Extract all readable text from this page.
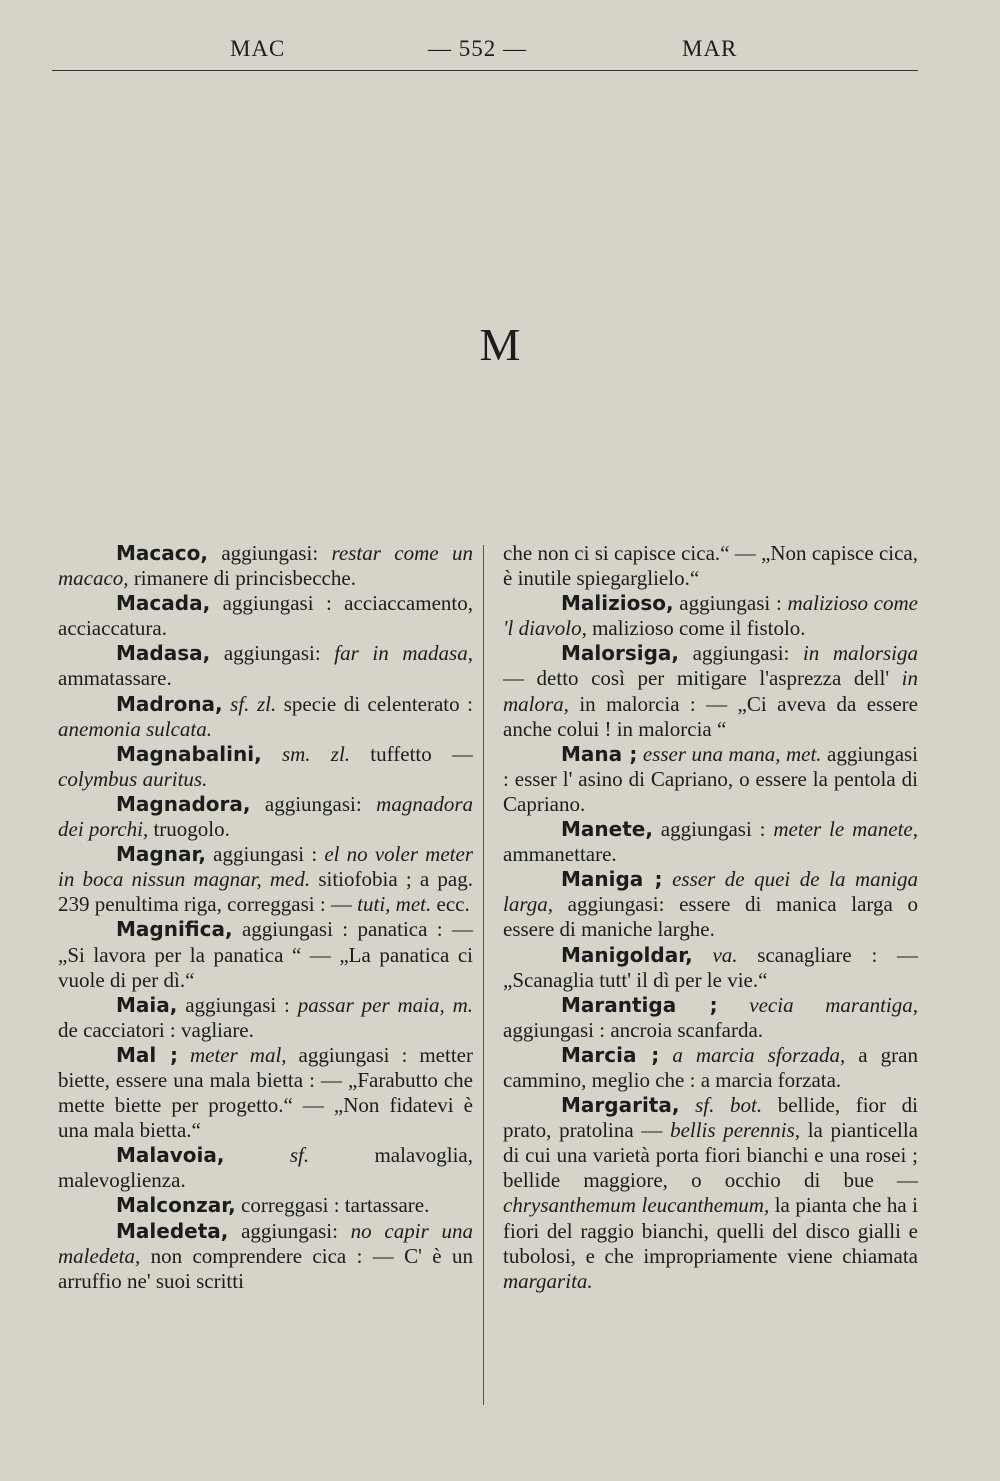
MAC	— 552 —	MAR
M

Macaco, aggiungasi: restar come un macaco, rimanere di princisbecche.

Macada, aggiungasi : acciaccamento, acciaccatura.

Madasa, aggiungasi: far in madasa, ammatassare.

Madrona, sf. zl. specie di celenterato : anemonia sulcata.

Magnabalini, sm. zl. tuffetto — colymbus auritus.

Magnadora, aggiungasi: magnadora dei porchi, truogolo.

Magnar, aggiungasi : el no voler meter in boca nissun magnar, med. sitiofobia ; a pag. 239 penultima riga, correggasi : — tuti, met. ecc.

Magnifica, aggiungasi : panatica : — „Si lavora per la panatica “ — „La panatica ci vuole di per dì.“

Maia, aggiungasi : passar per maia, m. de cacciatori : vagliare.

Mal ; meter mal, aggiungasi : metter biette, essere una mala bietta : — „Farabutto che mette biette per progetto.“ — „Non fidatevi è una mala bietta.“

Malavoia,	sf. malavoglia, malevoglienza.

Malconzar, correggasi : tartassare.

Maledeta, aggiungasi: no capir una maledeta, non comprendere cica : — C' è un arruffio ne' suoi scritti

che non ci si capisce cica.“ — „Non capisce cica, è inutile spiegarglielo.“

Malizioso, aggiungasi : malizioso come 'l diavolo, malizioso come il fistolo.

Malorsiga, aggiungasi: in malorsiga — detto così per mitigare l'asprezza dell' in malora, in malorcia : — „Ci aveva da essere anche colui ! in malorcia “

Mana ; esser una mana, met. aggiungasi : esser l' asino di Capriano, o essere la pentola di Capriano.

Manete, aggiungasi : meter le manete, ammanettare.

Maniga ; esser de quei de la maniga larga, aggiungasi: essere di manica larga o essere di maniche larghe.

Manigoldar, va. scanagliare : — „Scanaglia tutt' il dì per le vie.“

Marantiga ; vecia marantiga, aggiungasi : ancroia scanfarda.

Marcia ; a marcia sforzada, a gran cammino, meglio che : a marcia forzata.

Margarita, sf. bot. bellide, fior di prato, pratolina — bellis perennis, la pianticella di cui una varietà porta fiori bianchi e una rosei ; bellide maggiore, o occhio di bue — chrysanthemum leucanthemum, la pianta che ha i fiori del raggio bianchi, quelli del disco gialli e tubolosi, e che impropriamente viene chiamata margarita.
